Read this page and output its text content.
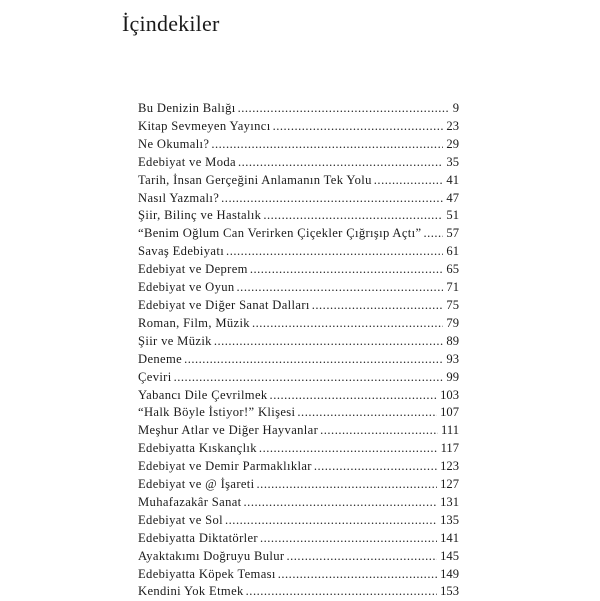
İçindekiler
Bu Denizin Balığı .....	9
Kitap Sevmeyen Yayıncı .....	23
Ne Okumalı? .....	29
Edebiyat ve Moda .....	35
Tarih, İnsan Gerçeğini Anlamanın Tek Yolu .....	41
Nasıl Yazmalı? .....	47
Şiir, Bilinç ve Hastalık .....	51
“Benim Oğlum Can Verirken Çiçekler Çığrışıp Açtı” ..... 57
Savaş Edebiyatı .....	61
Edebiyat ve Deprem .....	65
Edebiyat ve Oyun .....	71
Edebiyat ve Diğer Sanat Dalları .....	75
Roman, Film, Müzik .....	79
Şiir ve Müzik .....	89
Deneme .....	93
Çeviri .....	99
Yabancı Dile Çevrilmek .....	103
“Halk Böyle İstiyor!” Klişesi .....	107
Meşhur Atlar ve Diğer Hayvanlar .....	111
Edebiyatta Kıskançlık .....	117
Edebiyat ve Demir Parmaklıklar .....	123
Edebiyat ve @ İşareti .....	127
Muhafazakâr Sanat .....	131
Edebiyat ve Sol .....	135
Edebiyatta Diktatörler .....	141
Ayaktakımı Doğruyu Bulur .....	145
Edebiyatta Köpek Teması .....	149
Kendini Yok Etmek .....	153
